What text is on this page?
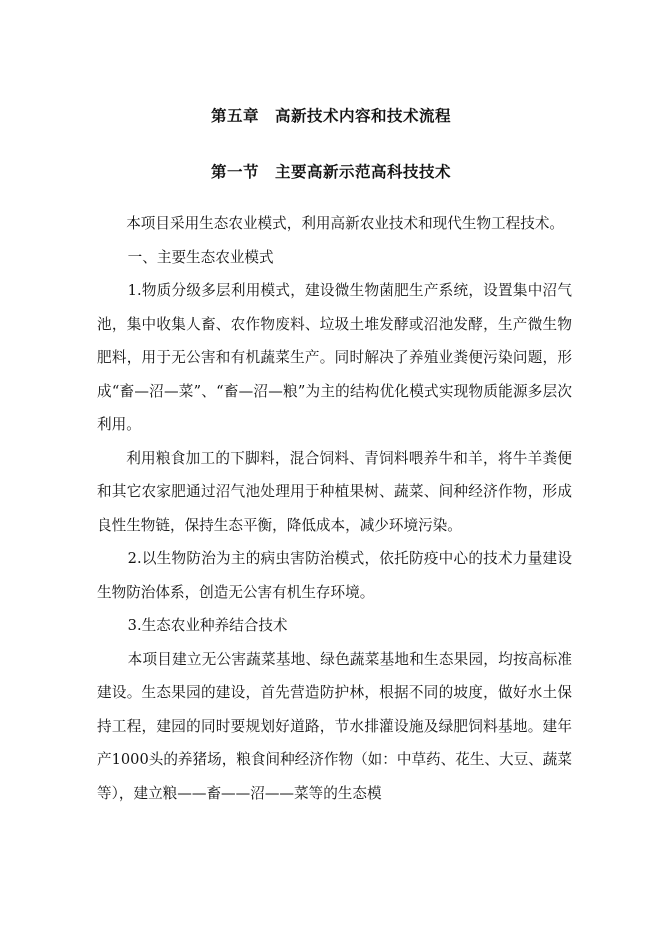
第五章　高新技术内容和技术流程
第一节　主要高新示范高科技技术

本项目采用生态农业模式，利用高新农业技术和现代生物工程技术。

一、主要生态农业模式

1.物质分级多层利用模式，建设微生物菌肥生产系统，设置集中沼气池，集中收集人畜、农作物废料、垃圾土堆发酵或沼池发酵，生产微生物肥料，用于无公害和有机蔬菜生产。同时解决了养殖业粪便污染问题，形成“畜—沼—菜”、“畜—沼—粮”为主的结构优化模式实现物质能源多层次利用。

利用粮食加工的下脚料，混合饲料、青饲料喂养牛和羊，将牛羊粪便和其它农家肥通过沼气池处理用于种植果树、蔬菜、间种经济作物，形成良性生物链，保持生态平衡，降低成本，减少环境污染。

2.以生物防治为主的病虫害防治模式，依托防疫中心的技术力量建设生物防治体系，创造无公害有机生存环境。

3.生态农业种养结合技术

本项目建立无公害蔬菜基地、绿色蔬菜基地和生态果园，均按高标准建设。生态果园的建设，首先营造防护林，根据不同的坡度，做好水土保持工程，建园的同时要规划好道路，节水排灌设施及绿肥饲料基地。建年产1000头的养猪场，粮食间种经济作物（如：中草药、花生、大豆、蔬菜等），建立粮——畜——沼——菜等的生态模
